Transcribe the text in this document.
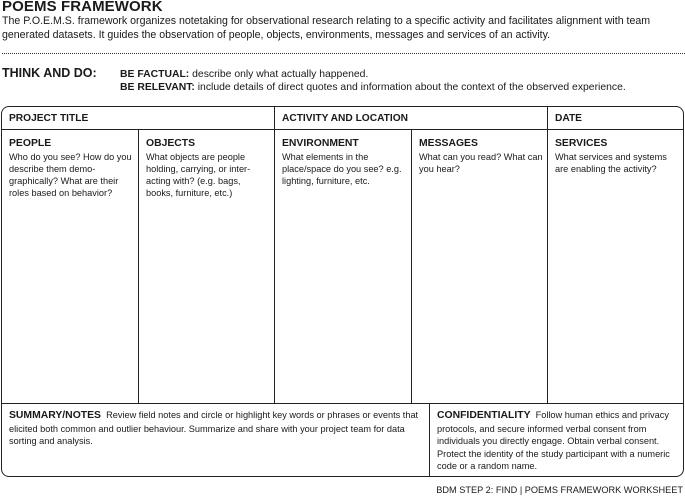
POEMS FRAMEWORK
The P.O.E.M.S. framework organizes notetaking for observational research relating to a specific activity and facilitates alignment with team generated datasets. It guides the observation of people, objects, environments, messages and services of an activity.
THINK AND DO: BE FACTUAL: describe only what actually happened.
BE RELEVANT: include details of direct quotes and information about the context of the observed experience.
PROJECT TITLE	ACTIVITY AND LOCATION	DATE
PEOPLE
Who do you see? How do you describe them demo-graphically? What are their roles based on behavior?
OBJECTS
What objects are people holding, carrying, or inter-acting with? (e.g. bags, books, furniture, etc.)
ENVIRONMENT
What elements in the place/space do you see? e.g. lighting, furniture, etc.
MESSAGES
What can you read? What can you hear?
SERVICES
What services and systems are enabling the activity?
SUMMARY/NOTES Review field notes and circle or highlight key words or phrases or events that elicited both common and outlier behaviour. Summarize and share with your project team for data sorting and analysis.
CONFIDENTIALITY Follow human ethics and privacy protocols, and secure informed verbal consent from individuals you directly engage. Obtain verbal consent. Protect the identity of the study participant with a numeric code or a random name.
BDM STEP 2: FIND | POEMS FRAMEWORK WORKSHEET
